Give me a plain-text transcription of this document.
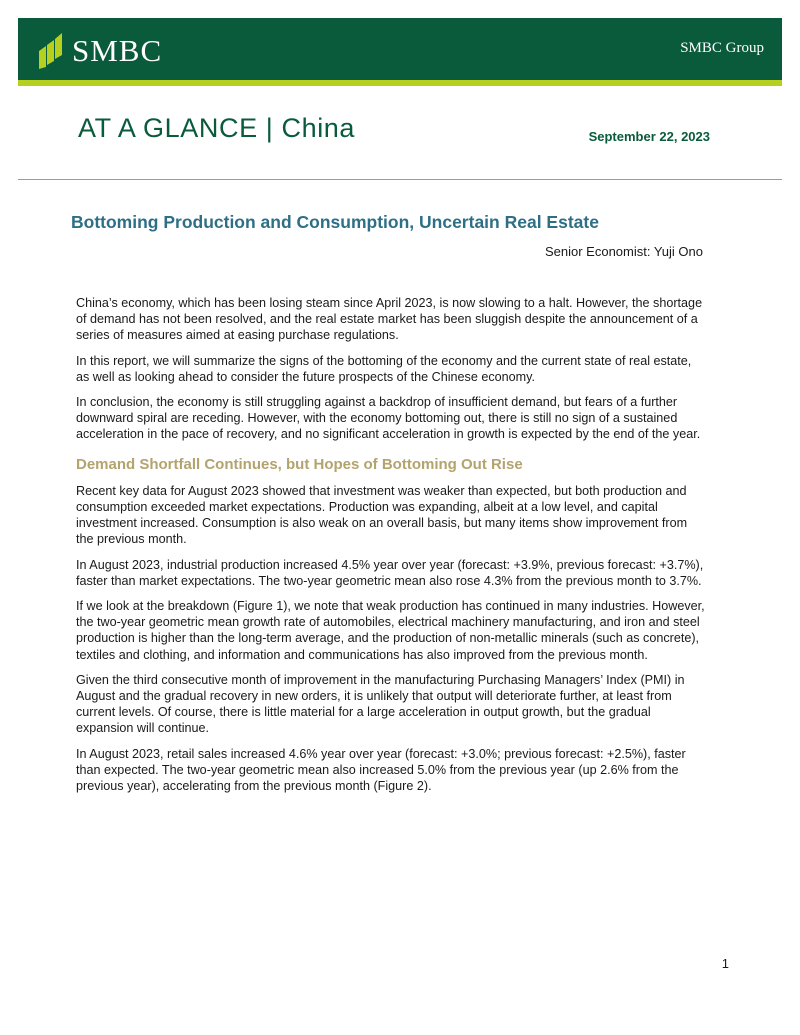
SMBC	SMBC Group
AT A GLANCE | China	September 22, 2023
Bottoming Production and Consumption, Uncertain Real Estate
Senior Economist: Yuji Ono

China’s economy, which has been losing steam since April 2023, is now slowing to a halt. However, the shortage of demand has not been resolved, and the real estate market has been sluggish despite the announcement of a series of measures aimed at easing purchase regulations.

In this report, we will summarize the signs of the bottoming of the economy and the current state of real estate, as well as looking ahead to consider the future prospects of the Chinese economy.

In conclusion, the economy is still struggling against a backdrop of insufficient demand, but fears of a further downward spiral are receding. However, with the economy bottoming out, there is still no sign of a sustained acceleration in the pace of recovery, and no significant acceleration in growth is expected by the end of the year.

Demand Shortfall Continues, but Hopes of Bottoming Out Rise

Recent key data for August 2023 showed that investment was weaker than expected, but both production and consumption exceeded market expectations. Production was expanding, albeit at a low level, and capital investment increased. Consumption is also weak on an overall basis, but many items show improvement from the previous month.

In August 2023, industrial production increased 4.5% year over year (forecast: +3.9%, previous forecast: +3.7%), faster than market expectations. The two-year geometric mean also rose 4.3% from the previous month to 3.7%.

If we look at the breakdown (Figure 1), we note that weak production has continued in many industries. However, the two-year geometric mean growth rate of automobiles, electrical machinery manufacturing, and iron and steel production is higher than the long-term average, and the production of non-metallic minerals (such as concrete), textiles and clothing, and information and communications has also improved from the previous month.

Given the third consecutive month of improvement in the manufacturing Purchasing Managers’ Index (PMI) in August and the gradual recovery in new orders, it is unlikely that output will deteriorate further, at least from current levels. Of course, there is little material for a large acceleration in output growth, but the gradual expansion will continue.

In August 2023, retail sales increased 4.6% year over year (forecast: +3.0%; previous forecast: +2.5%), faster than expected. The two-year geometric mean also increased 5.0% from the previous year (up 2.6% from the previous year), accelerating from the previous month (Figure 2).

1
